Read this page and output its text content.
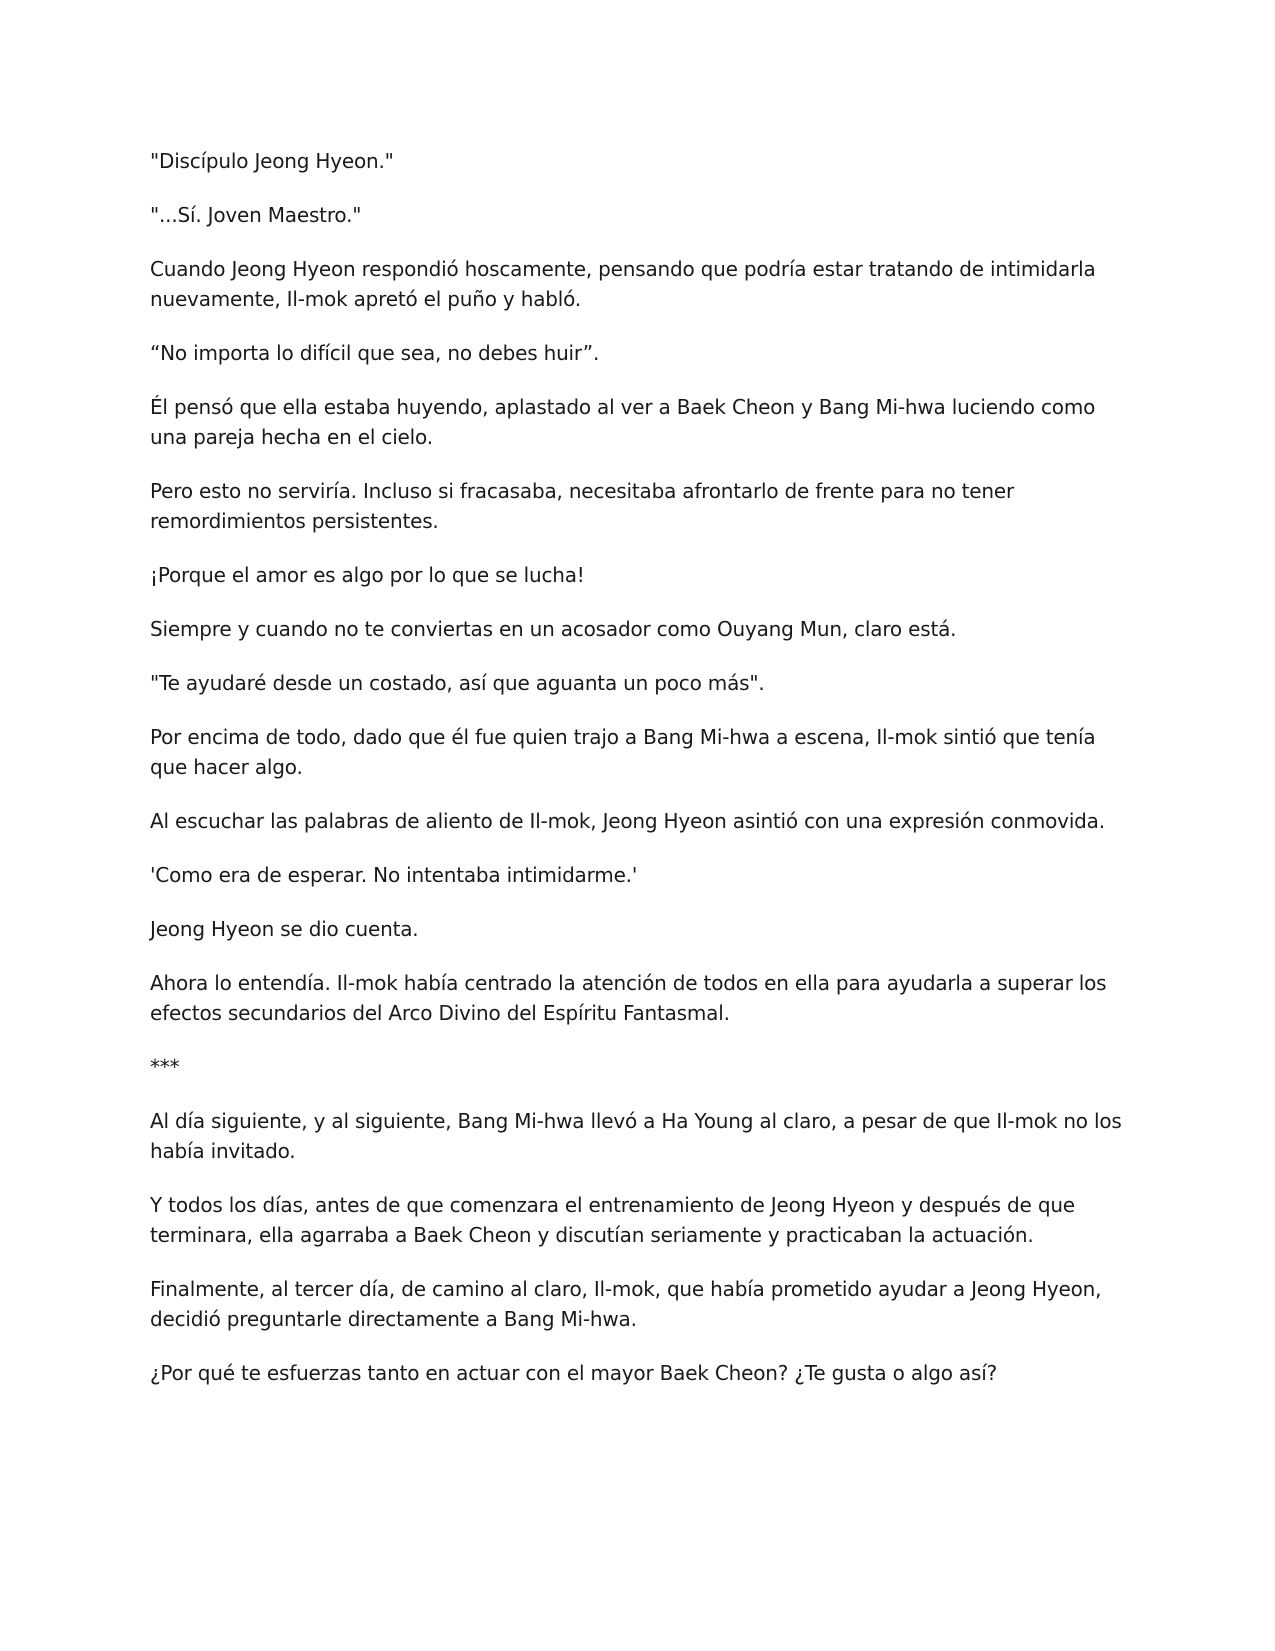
"Discípulo Jeong Hyeon."

"...Sí. Joven Maestro."

Cuando Jeong Hyeon respondió hoscamente, pensando que podría estar tratando de intimidarla nuevamente, Il-mok apretó el puño y habló.

“No importa lo difícil que sea, no debes huir”.

Él pensó que ella estaba huyendo, aplastado al ver a Baek Cheon y Bang Mi-hwa luciendo como una pareja hecha en el cielo.

Pero esto no serviría. Incluso si fracasaba, necesitaba afrontarlo de frente para no tener remordimientos persistentes.

¡Porque el amor es algo por lo que se lucha!

Siempre y cuando no te conviertas en un acosador como Ouyang Mun, claro está.

"Te ayudaré desde un costado, así que aguanta un poco más".

Por encima de todo, dado que él fue quien trajo a Bang Mi-hwa a escena, Il-mok sintió que tenía que hacer algo.

Al escuchar las palabras de aliento de Il-mok, Jeong Hyeon asintió con una expresión conmovida.

'Como era de esperar. No intentaba intimidarme.'

Jeong Hyeon se dio cuenta.

Ahora lo entendía. Il-mok había centrado la atención de todos en ella para ayudarla a superar los efectos secundarios del Arco Divino del Espíritu Fantasmal.

***

Al día siguiente, y al siguiente, Bang Mi-hwa llevó a Ha Young al claro, a pesar de que Il-mok no los había invitado.

Y todos los días, antes de que comenzara el entrenamiento de Jeong Hyeon y después de que terminara, ella agarraba a Baek Cheon y discutían seriamente y practicaban la actuación.

Finalmente, al tercer día, de camino al claro, Il-mok, que había prometido ayudar a Jeong Hyeon, decidió preguntarle directamente a Bang Mi-hwa.

¿Por qué te esfuerzas tanto en actuar con el mayor Baek Cheon? ¿Te gusta o algo así?
